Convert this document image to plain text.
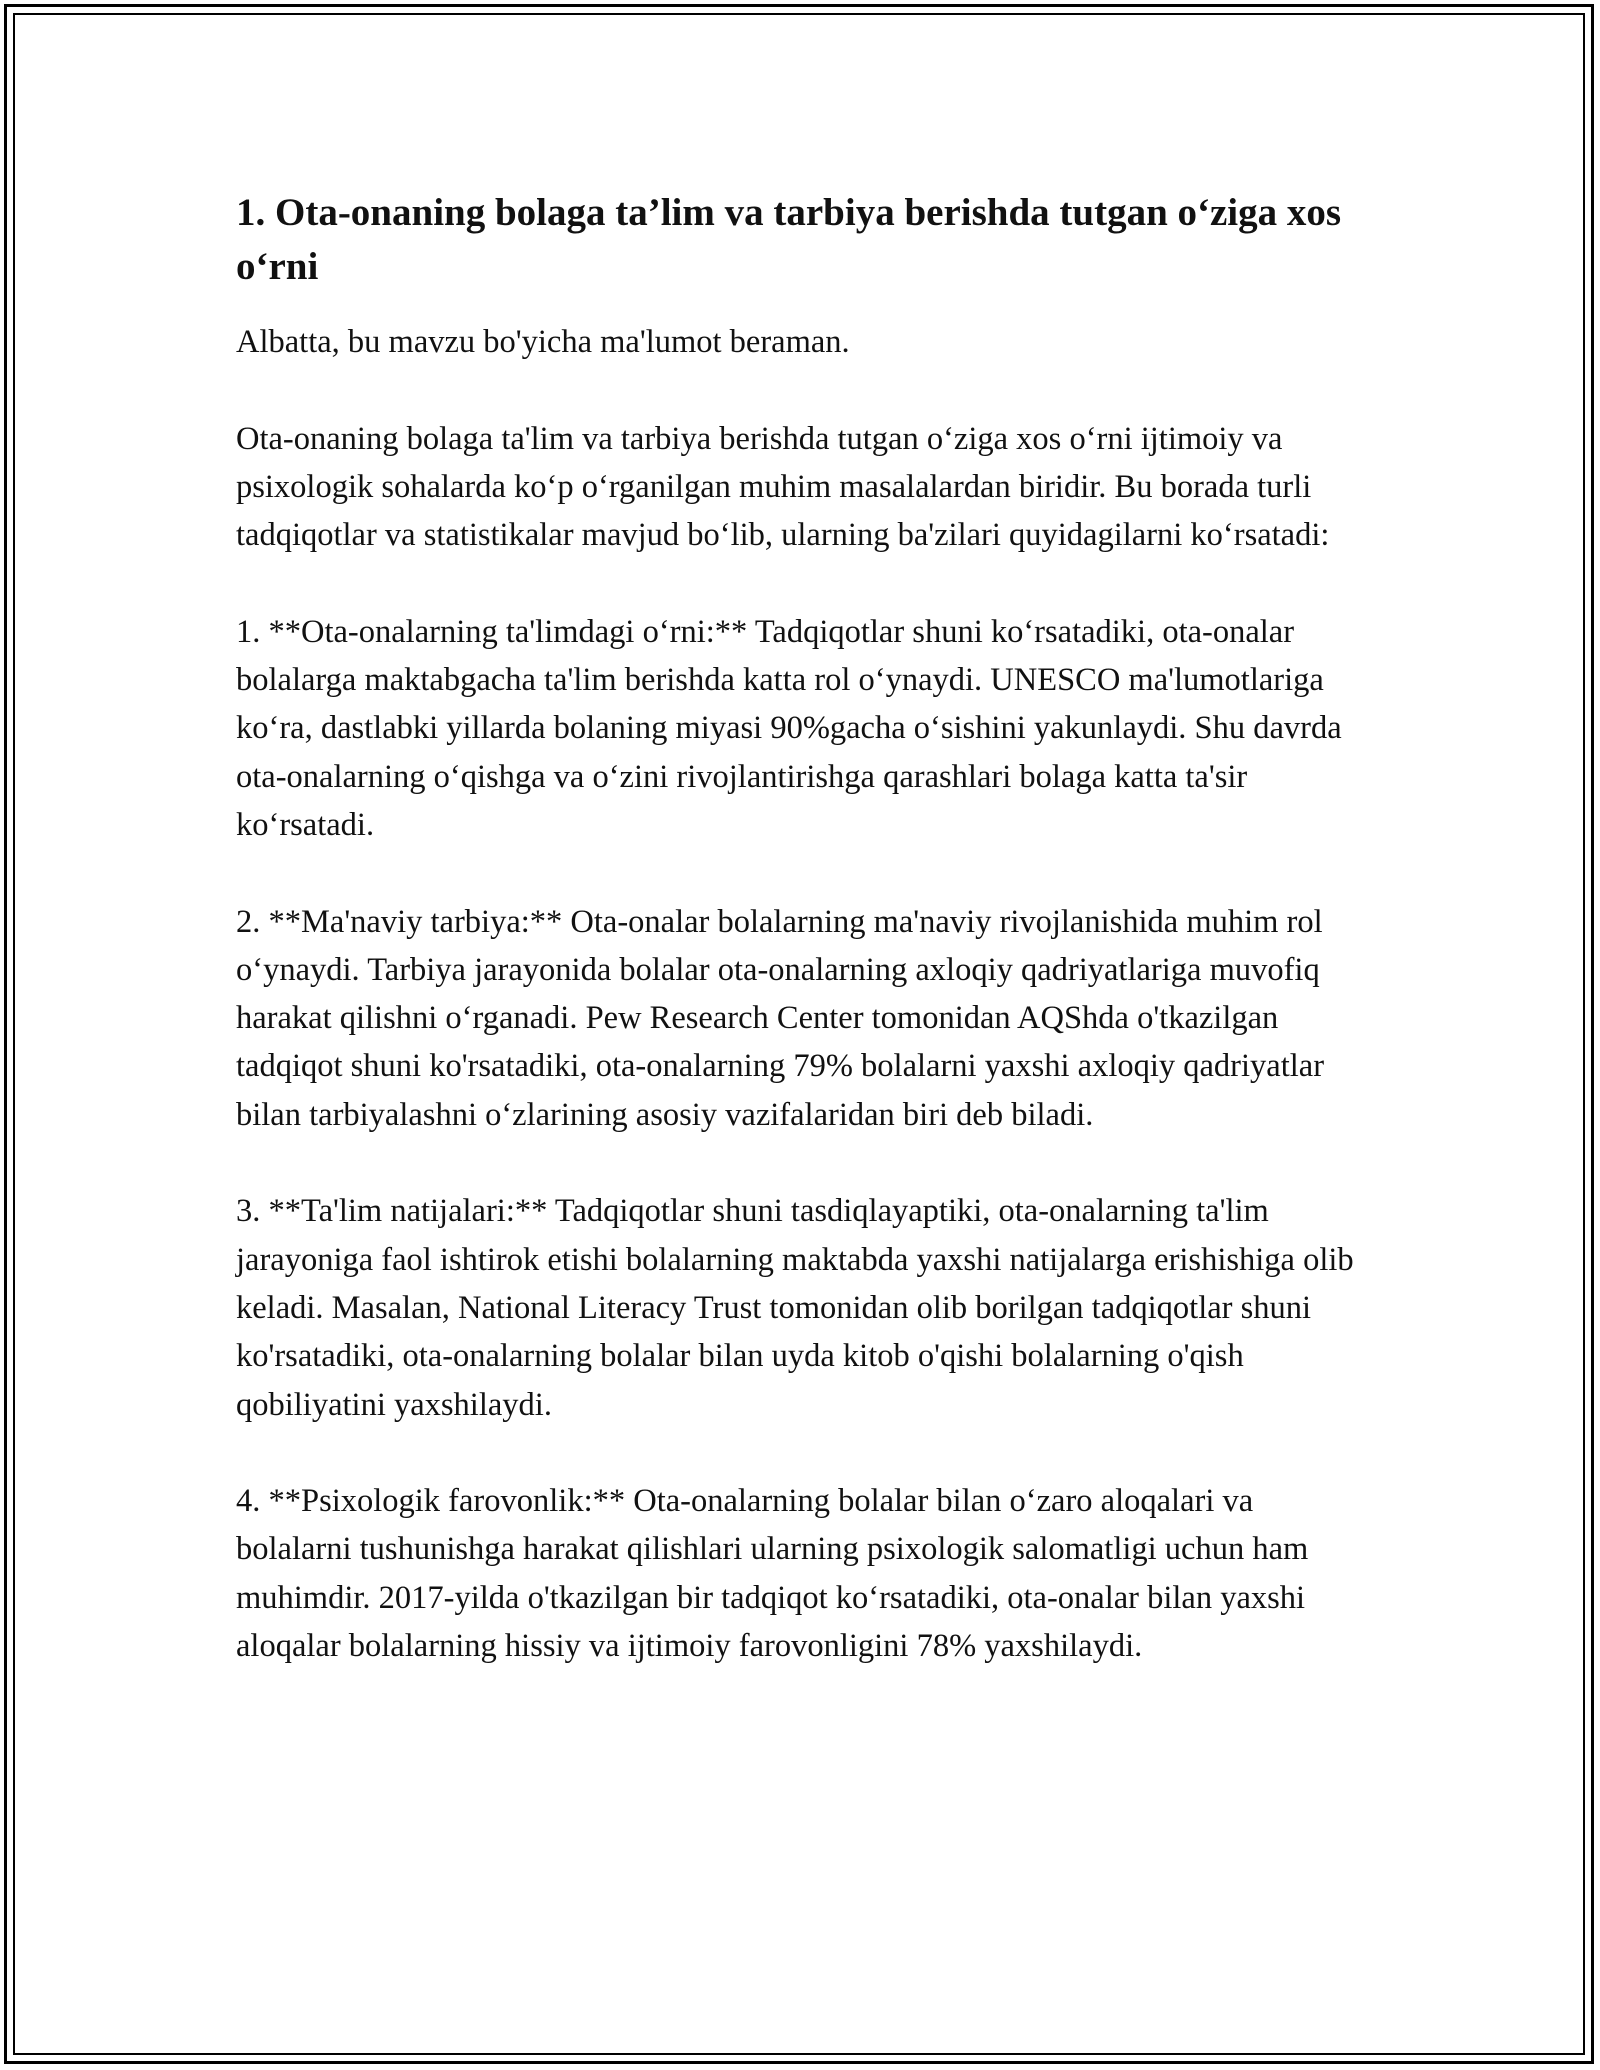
1. Ota-onaning bolaga ta’lim va tarbiya berishda tutgan o‘ziga xos o‘rni

Albatta, bu mavzu bo'yicha ma'lumot beraman.

Ota-onaning bolaga ta'lim va tarbiya berishda tutgan o‘ziga xos o‘rni ijtimoiy va psixologik sohalarda ko‘p o‘rganilgan muhim masalalardan biridir. Bu borada turli tadqiqotlar va statistikalar mavjud bo‘lib, ularning ba'zilari quyidagilarni ko‘rsatadi:

1. **Ota-onalarning ta'limdagi o‘rni:** Tadqiqotlar shuni ko‘rsatadiki, ota-onalar bolalarga maktabgacha ta'lim berishda katta rol o‘ynaydi. UNESCO ma'lumotlariga ko‘ra, dastlabki yillarda bolaning miyasi 90%gacha o‘sishini yakunlaydi. Shu davrda ota-onalarning o‘qishga va o‘zini rivojlantirishga qarashlari bolaga katta ta'sir ko‘rsatadi.

2. **Ma'naviy tarbiya:** Ota-onalar bolalarning ma'naviy rivojlanishida muhim rol o‘ynaydi. Tarbiya jarayonida bolalar ota-onalarning axloqiy qadriyatlariga muvofiq harakat qilishni o‘rganadi. Pew Research Center tomonidan AQShda o'tkazilgan tadqiqot shuni ko'rsatadiki, ota-onalarning 79% bolalarni yaxshi axloqiy qadriyatlar bilan tarbiyalashni o‘zlarining asosiy vazifalaridan biri deb biladi.

3. **Ta'lim natijalari:** Tadqiqotlar shuni tasdiqlayaptiki, ota-onalarning ta'lim jarayoniga faol ishtirok etishi bolalarning maktabda yaxshi natijalarga erishishiga olib keladi. Masalan, National Literacy Trust tomonidan olib borilgan tadqiqotlar shuni ko'rsatadiki, ota-onalarning bolalar bilan uyda kitob o'qishi bolalarning o'qish qobiliyatini yaxshilaydi.

4. **Psixologik farovonlik:** Ota-onalarning bolalar bilan o‘zaro aloqalari va bolalarni tushunishga harakat qilishlari ularning psixologik salomatligi uchun ham muhimdir. 2017-yilda o'tkazilgan bir tadqiqot ko‘rsatadiki, ota-onalar bilan yaxshi aloqalar bolalarning hissiy va ijtimoiy farovonligini 78% yaxshilaydi.
